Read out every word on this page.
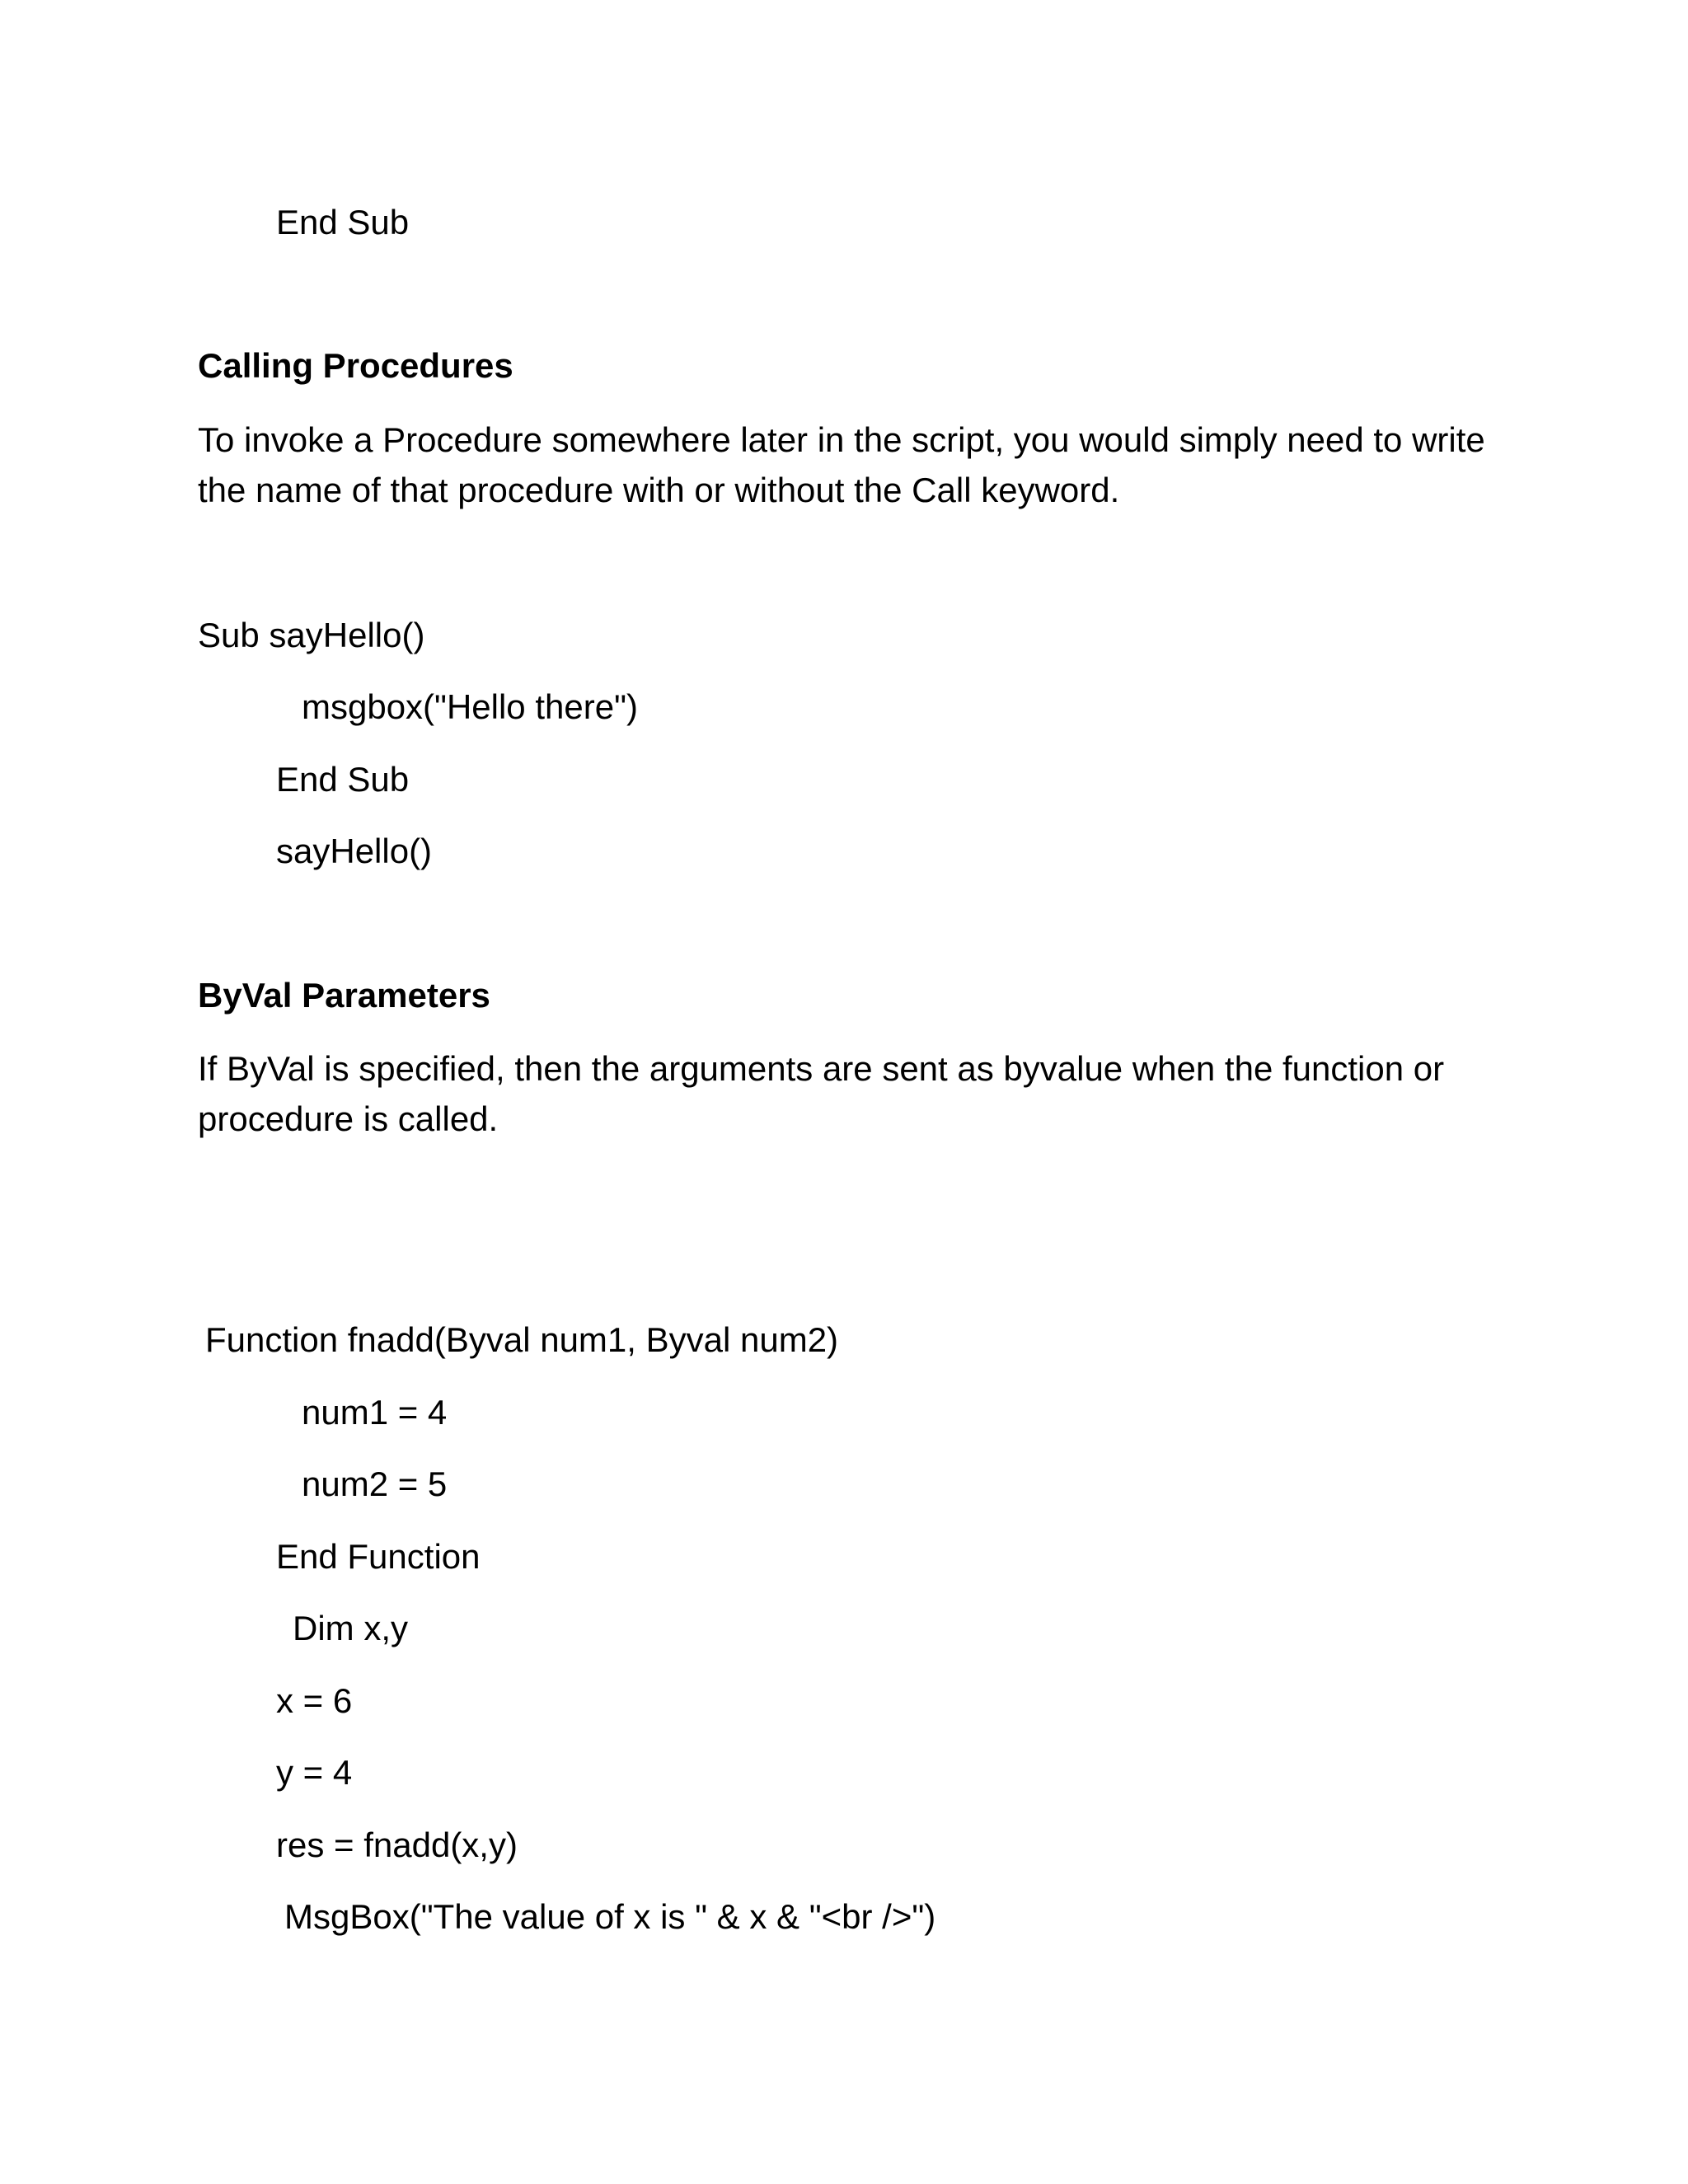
End Sub
Calling Procedures
To invoke a Procedure somewhere later in the script, you would simply need to write the name of that procedure with or without the Call keyword.
Sub sayHello()
msgbox("Hello there")
End Sub
sayHello()
ByVal Parameters
If ByVal is specified, then the arguments are sent as byvalue when the function or procedure is called.
Function fnadd(Byval num1, Byval num2)
num1 = 4
num2 = 5
End Function
Dim x,y
x = 6
y = 4
res = fnadd(x,y)
MsgBox("The value of x is " & x & "<br />")
